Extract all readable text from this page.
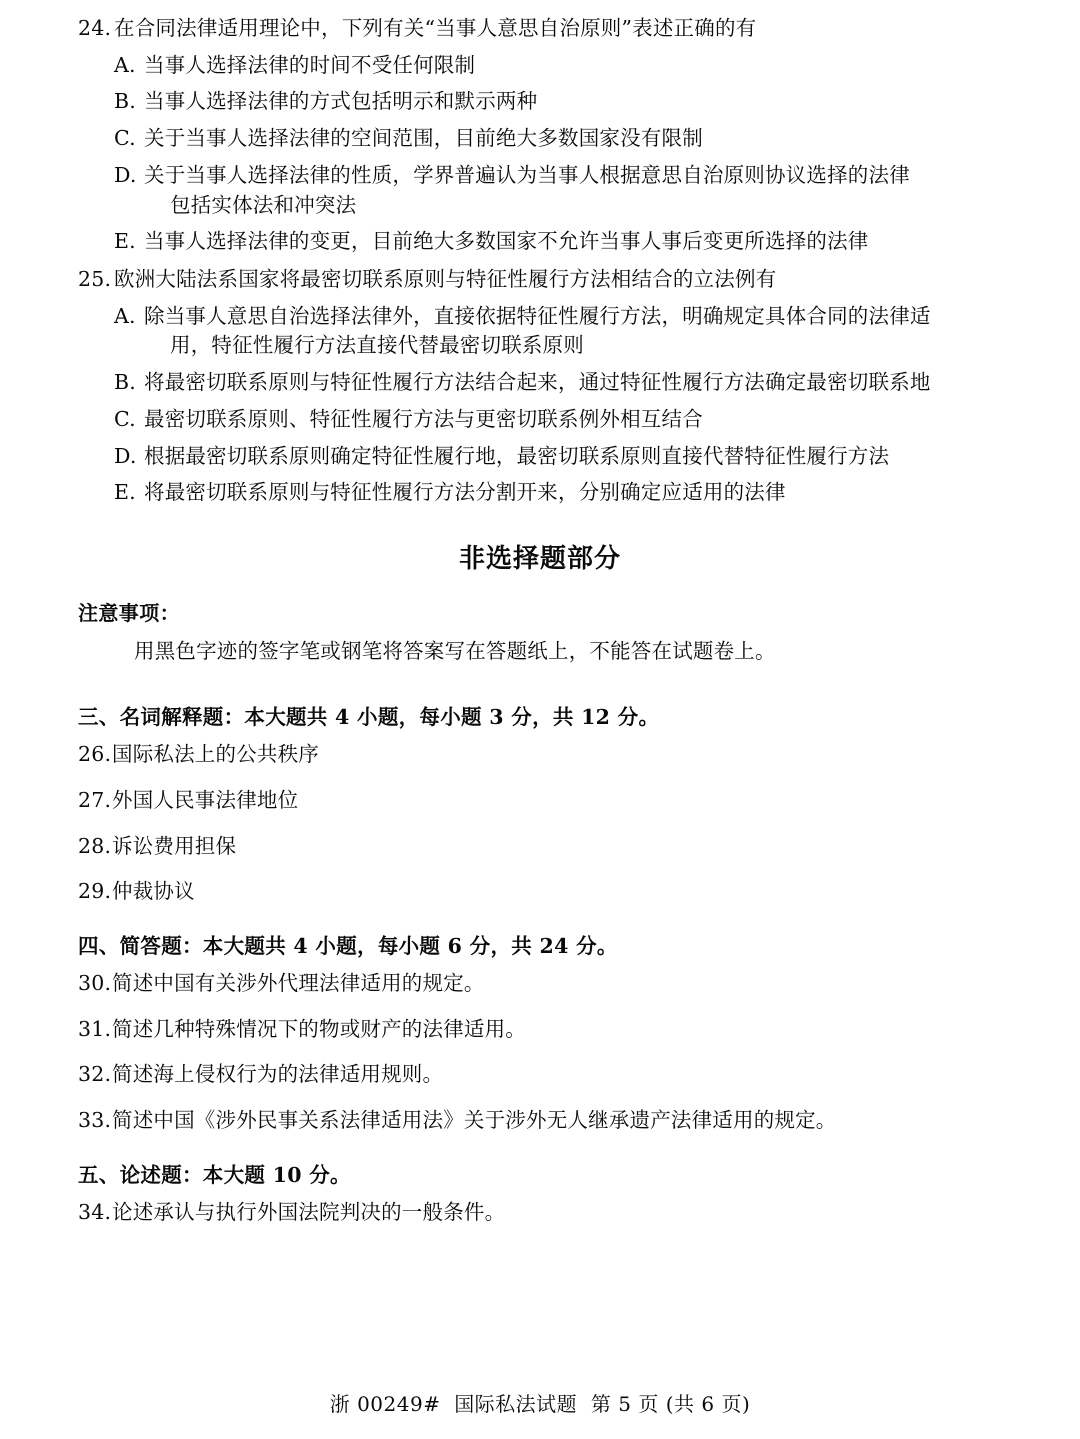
24. 在合同法律适用理论中，下列有关“当事人意思自治原则”表述正确的有
A. 当事人选择法律的时间不受任何限制
B. 当事人选择法律的方式包括明示和默示两种
C. 关于当事人选择法律的空间范围，目前绝大多数国家没有限制
D. 关于当事人选择法律的性质，学界普遍认为当事人根据意思自治原则协议选择的法律
包括实体法和冲突法
E. 当事人选择法律的变更，目前绝大多数国家不允许当事人事后变更所选择的法律
25. 欧洲大陆法系国家将最密切联系原则与特征性履行方法相结合的立法例有
A. 除当事人意思自治选择法律外，直接依据特征性履行方法，明确规定具体合同的法律适
用，特征性履行方法直接代替最密切联系原则
B. 将最密切联系原则与特征性履行方法结合起来，通过特征性履行方法确定最密切联系地
C. 最密切联系原则、特征性履行方法与更密切联系例外相互结合
D. 根据最密切联系原则确定特征性履行地，最密切联系原则直接代替特征性履行方法
E. 将最密切联系原则与特征性履行方法分割开来，分别确定应适用的法律
非选择题部分
注意事项：
用黑色字迹的签字笔或钢笔将答案写在答题纸上，不能答在试题卷上。
三、名词解释题：本大题共 4 小题，每小题 3 分，共 12 分。
26. 国际私法上的公共秩序
27. 外国人民事法律地位
28. 诉讼费用担保
29. 仲裁协议
四、简答题：本大题共 4 小题，每小题 6 分，共 24 分。
30. 简述中国有关涉外代理法律适用的规定。
31. 简述几种特殊情况下的物或财产的法律适用。
32. 简述海上侵权行为的法律适用规则。
33. 简述中国《涉外民事关系法律适用法》关于涉外无人继承遗产法律适用的规定。
五、论述题：本大题 10 分。
34. 论述承认与执行外国法院判决的一般条件。
浙 00249# 国际私法试题 第 5 页 (共 6 页)
